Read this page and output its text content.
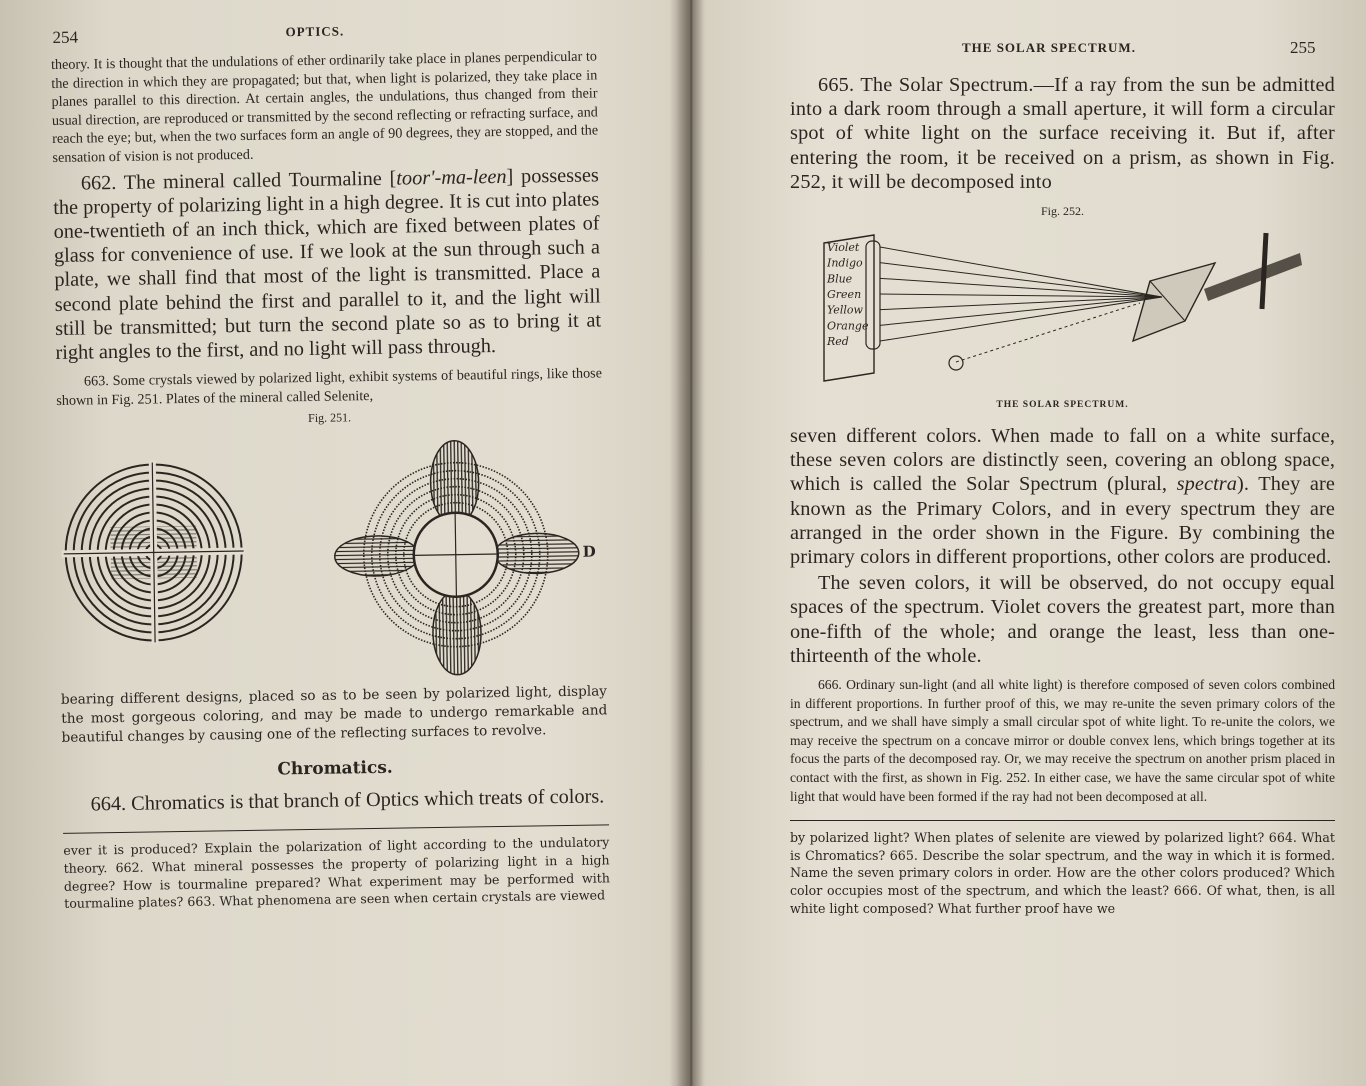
254	OPTICS.

theory. It is thought that the undulations of ether ordinarily take place in planes perpendicular to the direction in which they are propagated; but that, when light is polarized, they take place in planes parallel to this direction. At certain angles, the undulations, thus changed from their usual direction, are reproduced or transmitted by the second reflecting or refracting surface, and reach the eye; but, when the two surfaces form an angle of 90 degrees, they are stopped, and the sensation of vision is not produced.

662. The mineral called Tourmaline [toor'-ma-leen] possesses the property of polarizing light in a high degree. It is cut into plates one-twentieth of an inch thick, which are fixed between plates of glass for convenience of use. If we look at the sun through such a plate, we shall find that most of the light is transmitted. Place a second plate behind the first and parallel to it, and the light will still be transmitted; but turn the second plate so as to bring it at right angles to the first, and no light will pass through.

663. Some crystals viewed by polarized light, exhibit systems of beautiful rings, like those shown in Fig. 251. Plates of the mineral called Selenite,

Fig. 251.
D

bearing different designs, placed so as to be seen by polarized light, display the most gorgeous coloring, and may be made to undergo remarkable and beautiful changes by causing one of the reflecting surfaces to revolve.

Chromatics.

664. Chromatics is that branch of Optics which treats of colors.

ever it is produced? Explain the polarization of light according to the undulatory theory. 662. What mineral possesses the property of polarizing light in a high degree? How is tourmaline prepared? What experiment may be performed with tourmaline plates? 663. What phenomena are seen when certain crystals are viewed

THE SOLAR SPECTRUM.	255

665. The Solar Spectrum.—If a ray from the sun be admitted into a dark room through a small aperture, it will form a circular spot of white light on the surface receiving it. But if, after entering the room, it be received on a prism, as shown in Fig. 252, it will be decomposed into

Fig. 252.
Violet
Indigo
Blue
Green
Yellow
Orange
Red
THE SOLAR SPECTRUM.

seven different colors. When made to fall on a white surface, these seven colors are distinctly seen, covering an oblong space, which is called the Solar Spectrum (plural, spectra). They are known as the Primary Colors, and in every spectrum they are arranged in the order shown in the Figure. By combining the primary colors in different proportions, other colors are produced.

The seven colors, it will be observed, do not occupy equal spaces of the spectrum. Violet covers the greatest part, more than one-fifth of the whole; and orange the least, less than one-thirteenth of the whole.

666. Ordinary sun-light (and all white light) is therefore composed of seven colors combined in different proportions. In further proof of this, we may re-unite the seven primary colors of the spectrum, and we shall have simply a small circular spot of white light. To re-unite the colors, we may receive the spectrum on a concave mirror or double convex lens, which brings together at its focus the parts of the decomposed ray. Or, we may receive the spectrum on another prism placed in contact with the first, as shown in Fig. 252. In either case, we have the same circular spot of white light that would have been formed if the ray had not been decomposed at all.

by polarized light? When plates of selenite are viewed by polarized light? 664. What is Chromatics? 665. Describe the solar spectrum, and the way in which it is formed. Name the seven primary colors in order. How are the other colors produced? Which color occupies most of the spectrum, and which the least? 666. Of what, then, is all white light composed? What further proof have we
